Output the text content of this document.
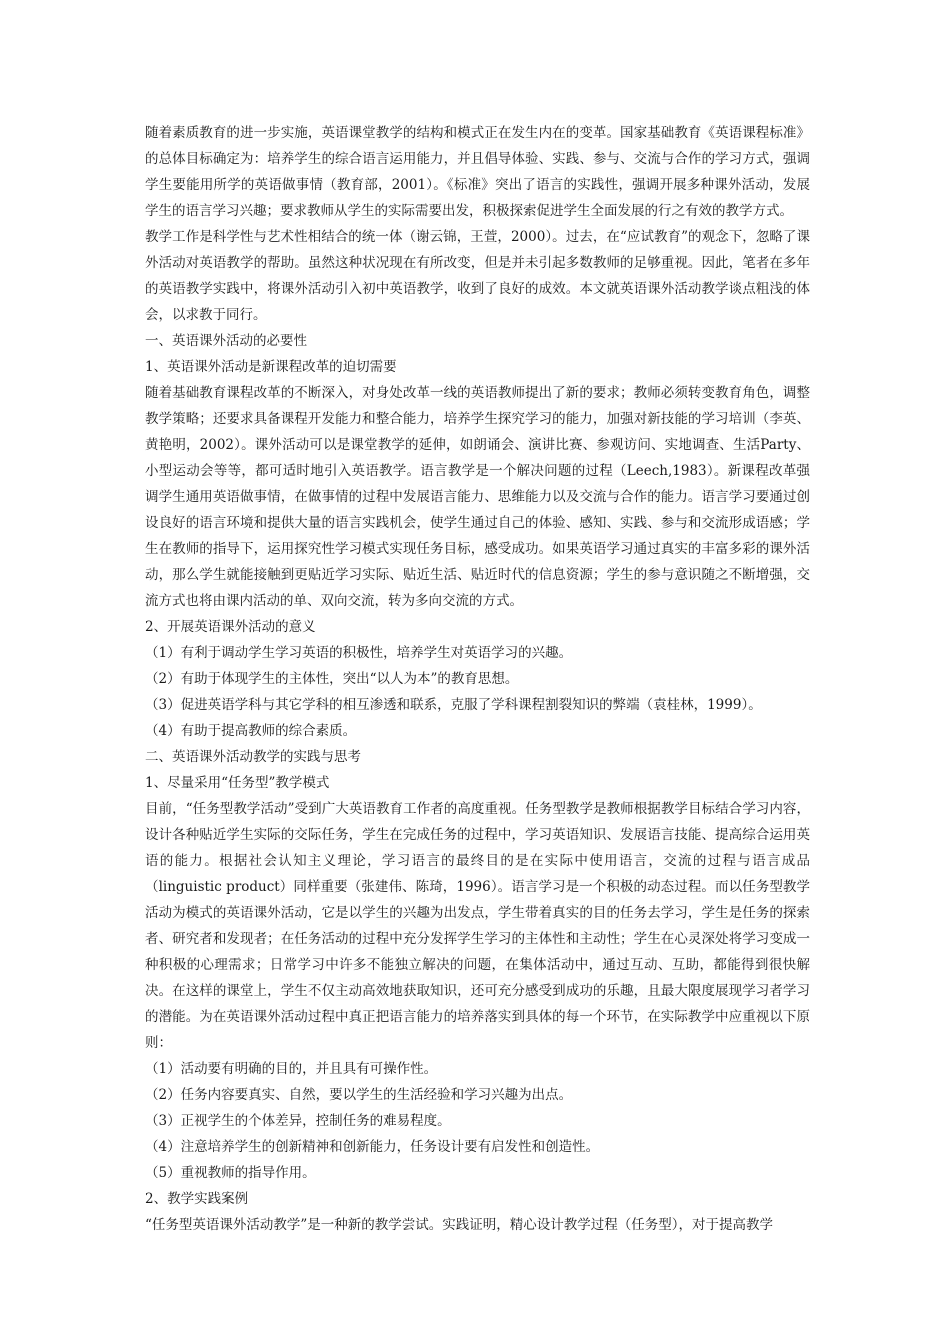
随着素质教育的进一步实施，英语课堂教学的结构和模式正在发生内在的变革。国家基础教育《英语课程标准》的总体目标确定为：培养学生的综合语言运用能力，并且倡导体验、实践、参与、交流与合作的学习方式，强调学生要能用所学的英语做事情（教育部，2001）。《标准》突出了语言的实践性，强调开展多种课外活动，发展学生的语言学习兴趣；要求教师从学生的实际需要出发，积极探索促进学生全面发展的行之有效的教学方式。

教学工作是科学性与艺术性相结合的统一体（谢云锦，王萱，2000）。过去，在“应试教育”的观念下，忽略了课外活动对英语教学的帮助。虽然这种状况现在有所改变，但是并未引起多数教师的足够重视。因此，笔者在多年的英语教学实践中，将课外活动引入初中英语教学，收到了良好的成效。本文就英语课外活动教学谈点粗浅的体会，以求教于同行。

一、英语课外活动的必要性

1、英语课外活动是新课程改革的迫切需要

随着基础教育课程改革的不断深入，对身处改革一线的英语教师提出了新的要求；教师必须转变教育角色，调整教学策略；还要求具备课程开发能力和整合能力，培养学生探究学习的能力，加强对新技能的学习培训（李英、黄艳明，2002）。课外活动可以是课堂教学的延伸，如朗诵会、演讲比赛、参观访问、实地调查、生活Party、小型运动会等等，都可适时地引入英语教学。语言教学是一个解决问题的过程（Leech,1983）。新课程改革强调学生通用英语做事情，在做事情的过程中发展语言能力、思维能力以及交流与合作的能力。语言学习要通过创设良好的语言环境和提供大量的语言实践机会，使学生通过自己的体验、感知、实践、参与和交流形成语感；学生在教师的指导下，运用探究性学习模式实现任务目标，感受成功。如果英语学习通过真实的丰富多彩的课外活动，那么学生就能接触到更贴近学习实际、贴近生活、贴近时代的信息资源；学生的参与意识随之不断增强，交流方式也将由课内活动的单、双向交流，转为多向交流的方式。

2、开展英语课外活动的意义

（1）有利于调动学生学习英语的积极性，培养学生对英语学习的兴趣。

（2）有助于体现学生的主体性，突出“以人为本”的教育思想。

（3）促进英语学科与其它学科的相互渗透和联系，克服了学科课程割裂知识的弊端（袁桂林，1999）。

（4）有助于提高教师的综合素质。

二、英语课外活动教学的实践与思考

1、尽量采用“任务型”教学模式

目前，“任务型教学活动”受到广大英语教育工作者的高度重视。任务型教学是教师根据教学目标结合学习内容，设计各种贴近学生实际的交际任务，学生在完成任务的过程中，学习英语知识、发展语言技能、提高综合运用英语的能力。根据社会认知主义理论，学习语言的最终目的是在实际中使用语言，交流的过程与语言成品（linguistic product）同样重要（张建伟、陈琦，1996）。语言学习是一个积极的动态过程。而以任务型教学活动为模式的英语课外活动，它是以学生的兴趣为出发点，学生带着真实的目的任务去学习，学生是任务的探索者、研究者和发现者；在任务活动的过程中充分发挥学生学习的主体性和主动性；学生在心灵深处将学习变成一种积极的心理需求；日常学习中许多不能独立解决的问题，在集体活动中，通过互动、互助，都能得到很快解决。在这样的课堂上，学生不仅主动高效地获取知识，还可充分感受到成功的乐趣，且最大限度展现学习者学习的潜能。为在英语课外活动过程中真正把语言能力的培养落实到具体的每一个环节，在实际教学中应重视以下原则：

（1）活动要有明确的目的，并且具有可操作性。

（2）任务内容要真实、自然，要以学生的生活经验和学习兴趣为出点。

（3）正视学生的个体差异，控制任务的难易程度。

（4）注意培养学生的创新精神和创新能力，任务设计要有启发性和创造性。

（5）重视教师的指导作用。

2、教学实践案例

“任务型英语课外活动教学”是一种新的教学尝试。实践证明，精心设计教学过程（任务型），对于提高教学
